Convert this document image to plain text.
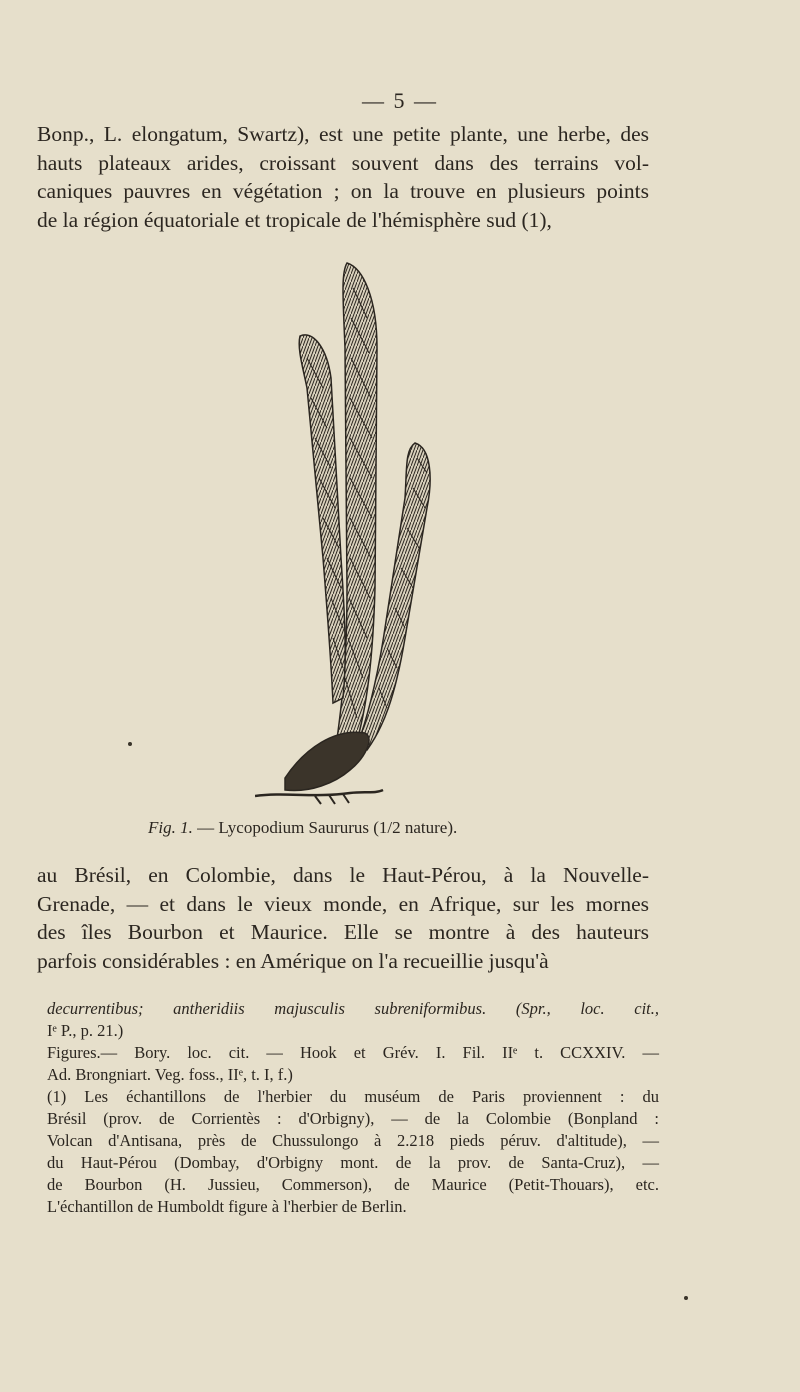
— 5 —
Bonp., L. elongatum, Swartz), est une petite plante, une herbe, des
hauts plateaux arides, croissant souvent dans des terrains vol-
caniques pauvres en végétation ; on la trouve en plusieurs points
de la région équatoriale et tropicale de l'hémisphère sud (1),
Fig. 1. — Lycopodium Saururus (1/2 nature).
au Brésil, en Colombie, dans le Haut-Pérou, à la Nouvelle-
Grenade, — et dans le vieux monde, en Afrique, sur les mornes
des îles Bourbon et Maurice. Elle se montre à des hauteurs
parfois considérables : en Amérique on l'a recueillie jusqu'à
decurrentibus; antheridiis majusculis subreniformibus. (Spr., loc. cit.,
Iᵉ P., p. 21.)
Figures.— Bory. loc. cit. — Hook et Grév. I. Fil. IIᵉ t. CCXXIV. —
Ad. Brongniart. Veg. foss., IIᵉ, t. I, f.)
(1) Les échantillons de l'herbier du muséum de Paris proviennent : du
Brésil (prov. de Corrientès : d'Orbigny), — de la Colombie (Bonpland :
Volcan d'Antisana, près de Chussulongo à 2.218 pieds péruv. d'altitude), —
du Haut-Pérou (Dombay, d'Orbigny mont. de la prov. de Santa-Cruz), —
de Bourbon (H. Jussieu, Commerson), de Maurice (Petit-Thouars), etc.
L'échantillon de Humboldt figure à l'herbier de Berlin.
